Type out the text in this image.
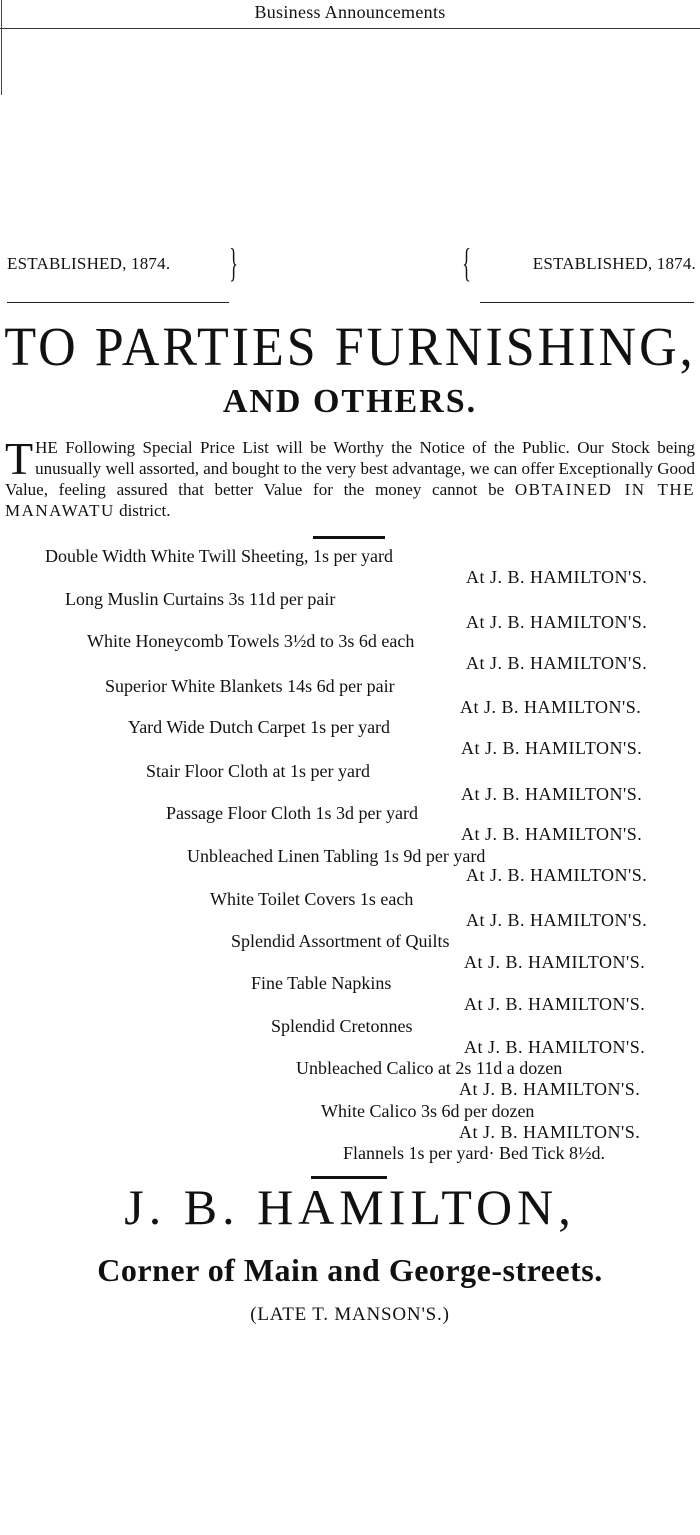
Business Announcements
ESTABLISHED, 1874. }	ESTABLISHED, 1874.
{
TO PARTIES FURNISHING,
AND OTHERS.
THE Following Special Price List will be Worthy the Notice of the Public. Our Stock being unusually well assorted, and bought to the very best advantage, we can offer Exceptionally Good Value, feeling assured that better Value for the money cannot be OBTAINED IN THE MANAWATU district.
Double Width White Twill Sheeting, 1s per yard
At J. B. HAMILTON'S.
Long Muslin Curtains 3s 11d per pair
At J. B. HAMILTON'S.
White Honeycomb Towels 3½d to 3s 6d each
At J. B. HAMILTON'S.
Superior White Blankets 14s 6d per pair
At J. B. HAMILTON'S.
Yard Wide Dutch Carpet 1s per yard
At J. B. HAMILTON'S.
Stair Floor Cloth at 1s per yard
At J. B. HAMILTON'S.
Passage Floor Cloth 1s 3d per yard
At J. B. HAMILTON'S.
Unbleached Linen Tabling 1s 9d per yard
At J. B. HAMILTON'S.
White Toilet Covers 1s each
At J. B. HAMILTON'S.
Splendid Assortment of Quilts
At J. B. HAMILTON'S.
Fine Table Napkins
At J. B. HAMILTON'S.
Splendid Cretonnes
At J. B. HAMILTON'S.
Unbleached Calico at 2s 11d a dozen
At J. B. HAMILTON'S.
White Calico 3s 6d per dozen
At J. B. HAMILTON'S.
Flannels 1s per yard· Bed Tick 8½d.
J. B. HAMILTON,
Corner of Main and George-streets.
(LATE T. MANSON'S.)
